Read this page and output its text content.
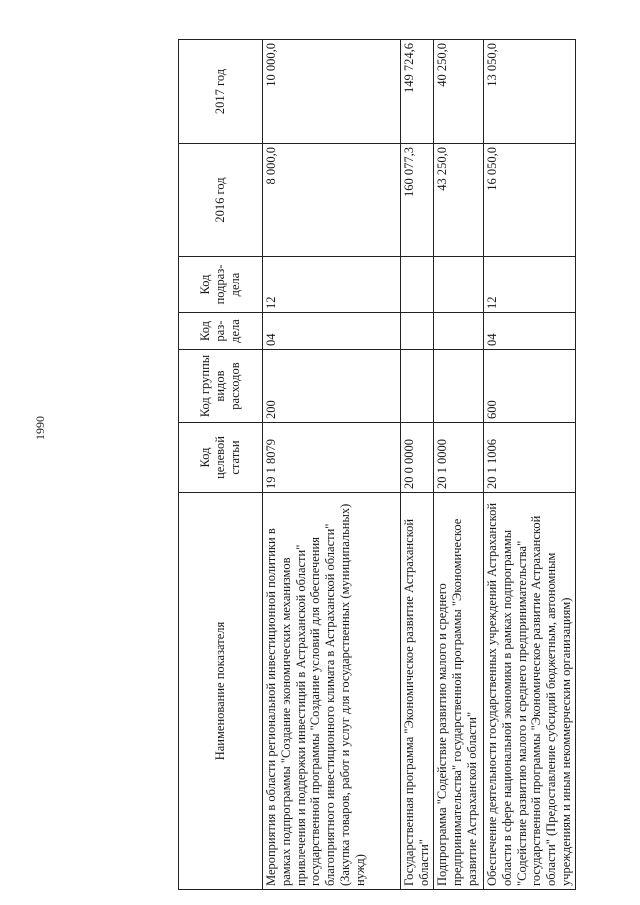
1990
Наименование показателя	Код целевой статьи	Код группы видов расходов	Код раз-дела	Код подраз-дела	2016 год	2017 год
Мероприятия в области региональной инвестиционной политики в рамках подпрограммы "Создание экономических механизмов привлечения и поддержки инвестиций в Астраханской области" государственной программы "Создание условий для обеспечения благоприятного инвестиционного климата в Астраханской области" (Закупка товаров, работ и услуг для государственных (муниципальных) нужд)	19 1 8079	200	04	12	8 000,0	10 000,0
Государственная программа "Экономическое развитие Астраханской области"	20 0 0000				160 077,3	149 724,6
Подпрограмма "Содействие развитию малого и среднего предпринимательства" государственной программы "Экономическое развитие Астраханской области"	20 1 0000				43 250,0	40 250,0
Обеспечение деятельности государственных учреждений Астраханской области в сфере национальной экономики в рамках подпрограммы "Содействие развитию малого и среднего предпринимательства" государственной программы "Экономическое развитие Астраханской области" (Предоставление субсидий бюджетным, автономным учреждениям и иным некоммерческим организациям)	20 1 1006	600	04	12	16 050,0	13 050,0
